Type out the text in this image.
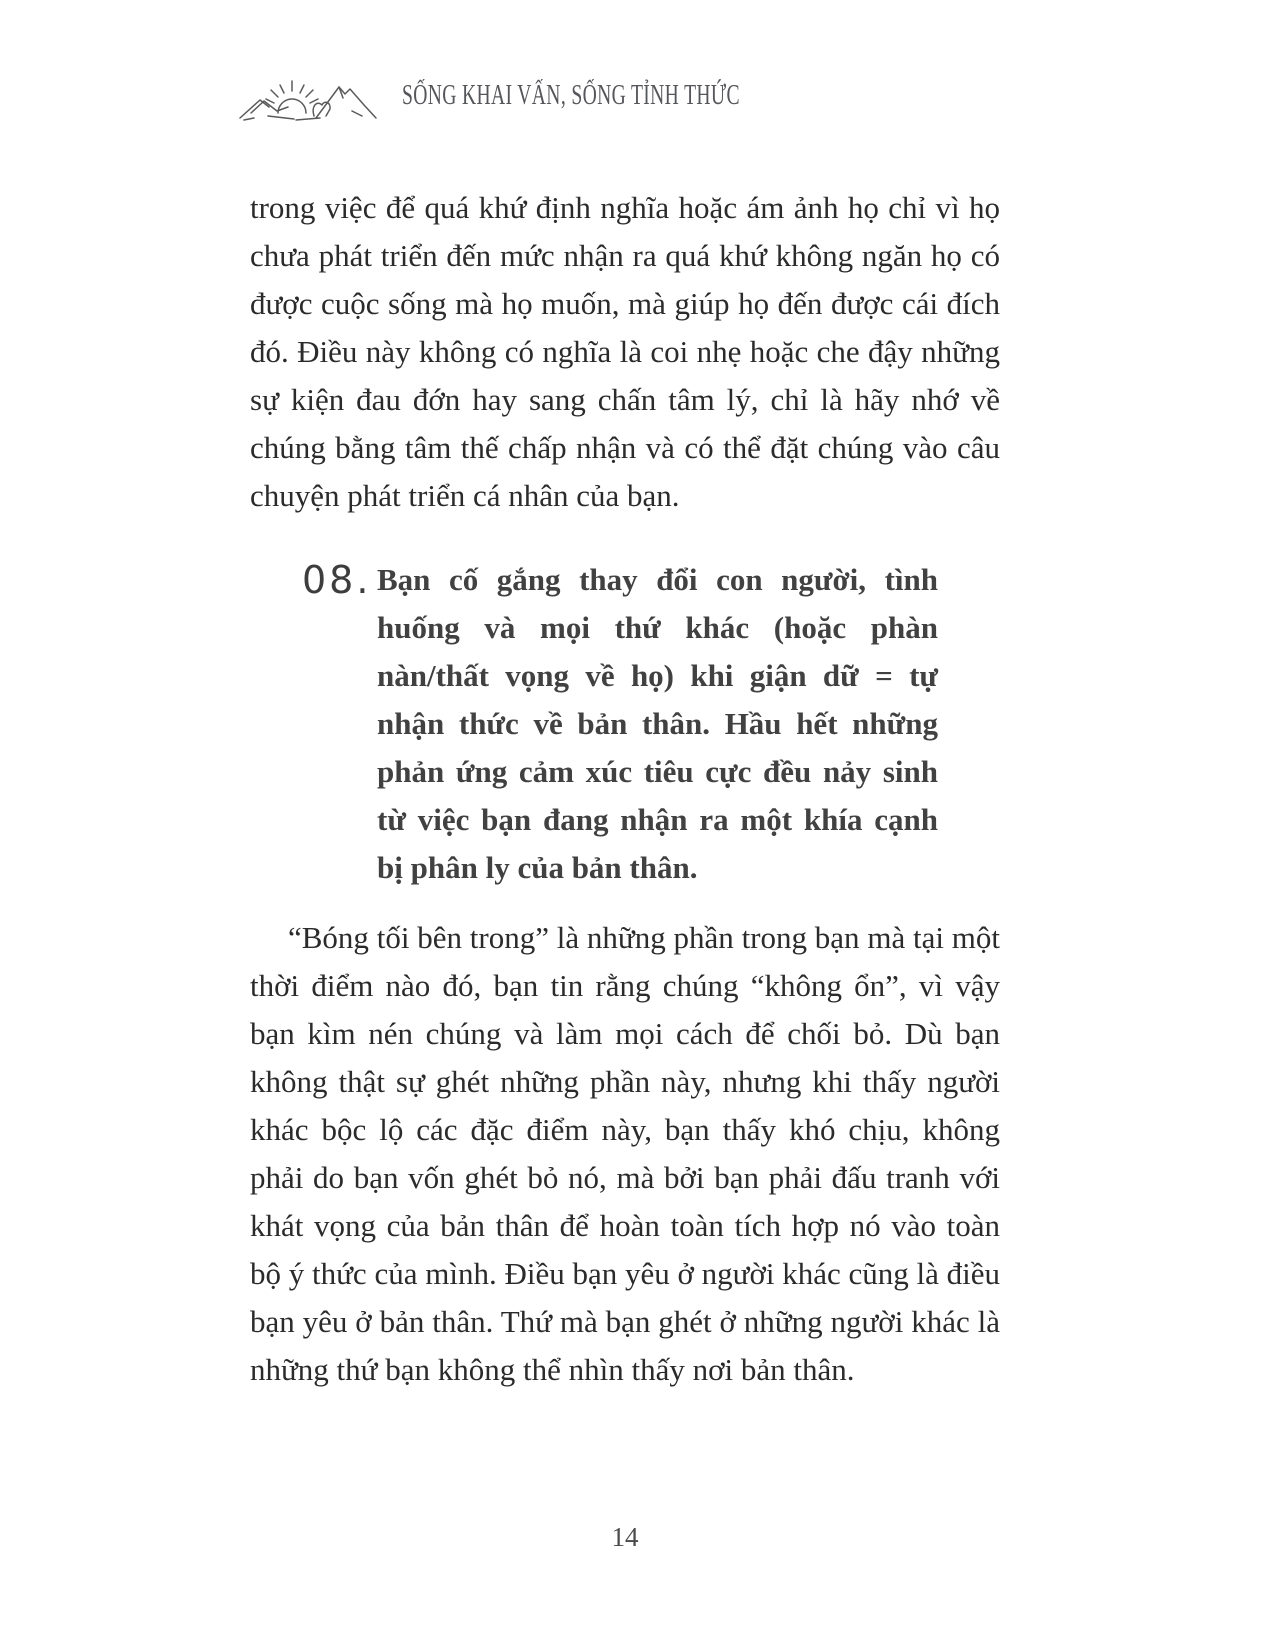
SỐNG KHAI VẤN, SỐNG TỈNH THỨC

trong việc để quá khứ định nghĩa hoặc ám ảnh họ chỉ vì họ chưa phát triển đến mức nhận ra quá khứ không ngăn họ có được cuộc sống mà họ muốn, mà giúp họ đến được cái đích đó. Điều này không có nghĩa là coi nhẹ hoặc che đậy những sự kiện đau đớn hay sang chấn tâm lý, chỉ là hãy nhớ về chúng bằng tâm thế chấp nhận và có thể đặt chúng vào câu chuyện phát triển cá nhân của bạn.

08. Bạn cố gắng thay đổi con người, tình huống và mọi thứ khác (hoặc phàn nàn/thất vọng về họ) khi giận dữ = tự nhận thức về bản thân. Hầu hết những phản ứng cảm xúc tiêu cực đều nảy sinh từ việc bạn đang nhận ra một khía cạnh bị phân ly của bản thân.

“Bóng tối bên trong” là những phần trong bạn mà tại một thời điểm nào đó, bạn tin rằng chúng “không ổn”, vì vậy bạn kìm nén chúng và làm mọi cách để chối bỏ. Dù bạn không thật sự ghét những phần này, nhưng khi thấy người khác bộc lộ các đặc điểm này, bạn thấy khó chịu, không phải do bạn vốn ghét bỏ nó, mà bởi bạn phải đấu tranh với khát vọng của bản thân để hoàn toàn tích hợp nó vào toàn bộ ý thức của mình. Điều bạn yêu ở người khác cũng là điều bạn yêu ở bản thân. Thứ mà bạn ghét ở những người khác là những thứ bạn không thể nhìn thấy nơi bản thân.

14
